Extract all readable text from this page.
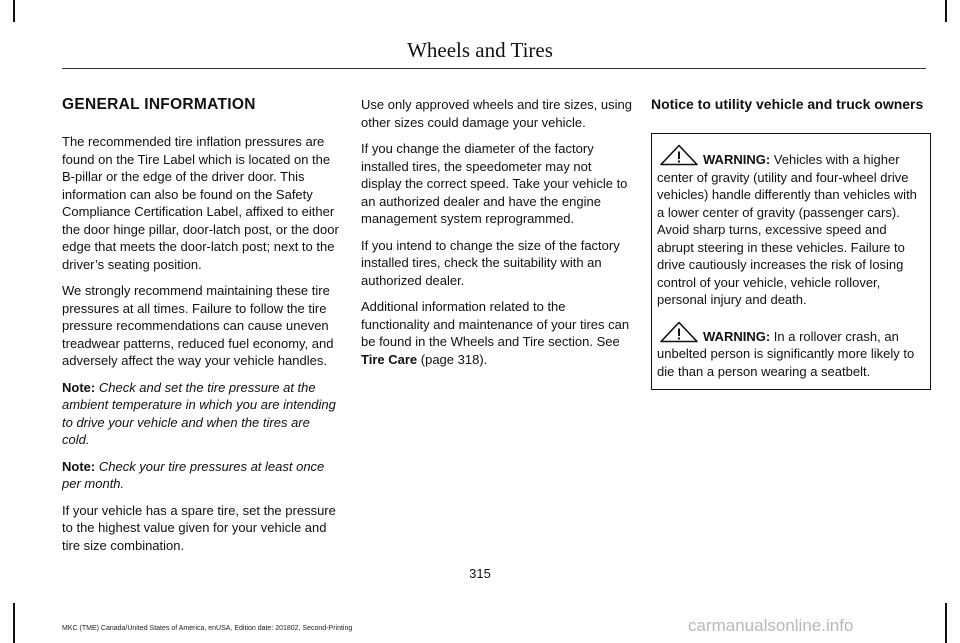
Wheels and Tires
GENERAL INFORMATION

The recommended tire inflation pressures are found on the Tire Label which is located on the B-pillar or the edge of the driver door. This information can also be found on the Safety Compliance Certification Label, affixed to either the door hinge pillar, door-latch post, or the door edge that meets the door-latch post; next to the driver’s seating position.

We strongly recommend maintaining these tire pressures at all times. Failure to follow the tire pressure recommendations can cause uneven treadwear patterns, reduced fuel economy, and adversely affect the way your vehicle handles.

Note: Check and set the tire pressure at the ambient temperature in which you are intending to drive your vehicle and when the tires are cold.

Note: Check your tire pressures at least once per month.

If your vehicle has a spare tire, set the pressure to the highest value given for your vehicle and tire size combination.

Use only approved wheels and tire sizes, using other sizes could damage your vehicle.

If you change the diameter of the factory installed tires, the speedometer may not display the correct speed. Take your vehicle to an authorized dealer and have the engine management system reprogrammed.

If you intend to change the size of the factory installed tires, check the suitability with an authorized dealer.

Additional information related to the functionality and maintenance of your tires can be found in the Wheels and Tire section. See Tire Care (page 318).

Notice to utility vehicle and truck owners
WARNING: Vehicles with a higher center of gravity (utility and four-wheel drive vehicles) handle differently than vehicles with a lower center of gravity (passenger cars). Avoid sharp turns, excessive speed and abrupt steering in these vehicles. Failure to drive cautiously increases the risk of losing control of your vehicle, vehicle rollover, personal injury and death.
WARNING: In a rollover crash, an unbelted person is significantly more likely to die than a person wearing a seatbelt.
315
MKC (TME) Canada/United States of America, enUSA, Edition date: 201802, Second-Printing	carmanualsonline.info
